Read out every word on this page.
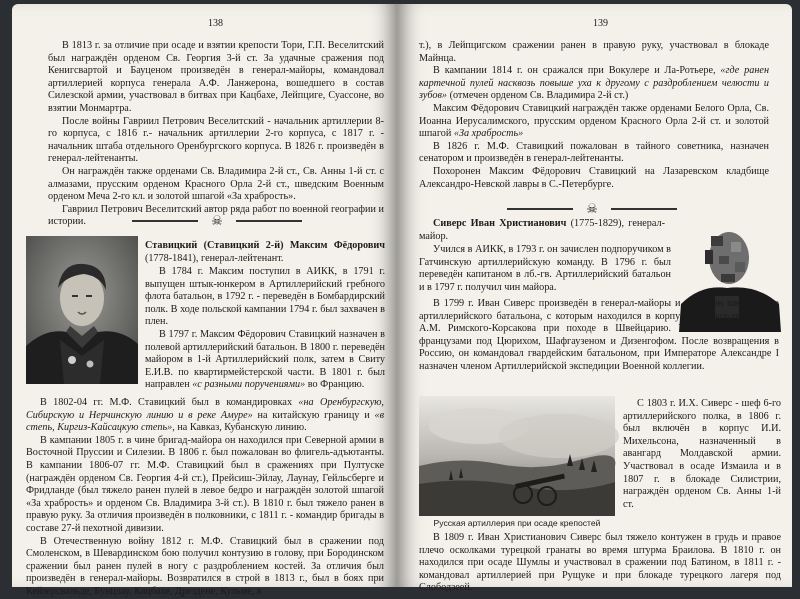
138

В 1813 г. за отличие при осаде и взятии крепости Тори, Г.П. Веселитский был награждён орденом Св. Георгия 3-й ст. За удачные сражения под Кенигсвартой и Бауценом произведён в генерал-майоры, командовал артиллерией корпуса генерала А.Ф. Ланжерона, вошедшего в состав Силезской армии, участвовал в битвах при Кацбахе, Лейпциге, Суассоне, во взятии Монмартра.

После войны Гавриил Петрович Веселитский - начальник артиллерии 8-го корпуса, с 1816 г.- начальник артиллерии 2-го корпуса, с 1817 г. - начальник штаба отдельного Оренбургского корпуса. В 1826 г. произведён в генерал-лейтенанты.

Он награждён также орденами Св. Владимира 2-й ст., Св. Анны 1-й ст. с алмазами, прусским орденом Красного Орла 2-й ст., шведским Военным орденом Меча 2-го кл. и золотой шпагой «За храбрость».

Гавриил Петрович Веселитский автор ряда работ по военной географии и истории.	☠

Ставицкий (Ставицкий 2-й) Максим Фёдорович (1778-1841), генерал-лейтенант.

В 1784 г. Максим поступил в АИКК, в 1791 г. выпущен штык-юнкером в Артиллерийский гребного флота батальон, в 1792 г. - переведён в Бомбардирский полк. В ходе польской кампании 1794 г. был захвачен в плен.

В 1797 г. Максим Фёдорович Ставицкий назначен в полевой артиллерийский батальон. В 1800 г. переведён майором в 1-й Артиллерийский полк, затем в Свиту Е.И.В. по квартирмейстерской части. В 1801 г. был направлен «с разными поручениями» во Францию.

В 1802-04 гг. М.Ф. Ставицкий был в командировках «на Оренбургскую, Сибирскую и Нерчинскую линию и в реке Амуре» на китайскую границу и «в степь, Киргиз-Кайсацкую степь», на Кавказ, Кубанскую линию.

В кампании 1805 г. в чине бригад-майора он находился при Северной армии в Восточной Пруссии и Силезии. В 1806 г. был пожалован во флигель-адъютанты. В кампании 1806-07 гг. М.Ф. Ставицкий был в сражениях при Пултуске (награждён орденом Св. Георгия 4-й ст.), Прейсиш-Эйлау, Лаунау, Гейльсберге и Фридланде (был тяжело ранен пулей в левое бедро и награждён золотой шпагой «За храбрость» и орденом Св. Владимира 3-й ст.). В 1810 г. был тяжело ранен в правую руку. За отличия произведён в полковники, с 1811 г. - командир бригады в составе 27-й пехотной дивизии.

В Отечественную войну 1812 г. М.Ф. Ставицкий был в сражении под Смоленском, в Шевардинском бою получил контузию в голову, при Бородинском сражении был ранен пулей в ногу с раздроблением костей. За отличия был произведён в генерал-майоры. Возвратился в строй в 1813 г., был в боях при Кейзерсвальде, Бунцлау, Кацбахе, Дрездене, Кульме, в

139

т.), в Лейпцигском сражении ранен в правую руку, участвовал в блокаде Майнца.

В кампании 1814 г. он сражался при Вокулере и Ла-Ротьере, «где ранен картечной пулей насквозь повыше уха к другому с раздроблением челюсти и зубов» (отмечен орденом Св. Владимира 2-й ст.)

Максим Фёдорович Ставицкий награждён также орденами Белого Орла, Св. Иоанна Иерусалимского, прусским орденом Красного Орла 2-й ст. и золотой шпагой «За храбрость»

В 1826 г. М.Ф. Ставицкий пожалован в тайного советника, назначен сенатором и произведён в генерал-лейтенанты.

Похоронен Максим Фёдорович Ставицкий на Лазаревском кладбище Александро-Невской лавры в С.-Петербурге.

☠

Сиверс Иван Христианович (1775-1829), генерал-майор.

Учился в АИКК, в 1793 г. он зачислен подпоручиком в Гатчинскую артиллерийскую команду. В 1796 г. был переведён капитаном в лб.-гв. Артиллерийский батальон и в 1797 г. получил чин майора.

В 1799 г. Иван Сиверс произведён в генерал-майоры и назначен шефом 9-го артиллерийского батальона, с которым находился в корпусе генерал-лейтенанта А.М. Римского-Корсакова при походе в Швейцарию. Участвовал в боях с французами под Цюрихом, Шафгаузеном и Дизенгофом. После возвращения в Россию, он командовал гвардейским батальоном, при Императоре Александре I назначен членом Артиллерийской экспедиции Военной коллегии.

Русская артиллерия при осаде крепостей

С 1803 г. И.Х. Сиверс - шеф 6-го артиллерийского полка, в 1806 г. был включён в корпус И.И. Михельсона, назначенный в авангард Молдавской армии. Участвовал в осаде Измаила и в 1807 г. в блокаде Силистрии, награждён орденом Св. Анны 1-й ст.

В 1809 г. Иван Христианович Сиверс был тяжело контужен в грудь и правое плечо осколками турецкой гранаты во время штурма Браилова. В 1810 г. он находился при осаде Шумлы и участвовал в сражении под Батином, в 1811 г. - командовал артиллерией при Рущуке и при блокаде турецкого лагеря под Слободзеей.
